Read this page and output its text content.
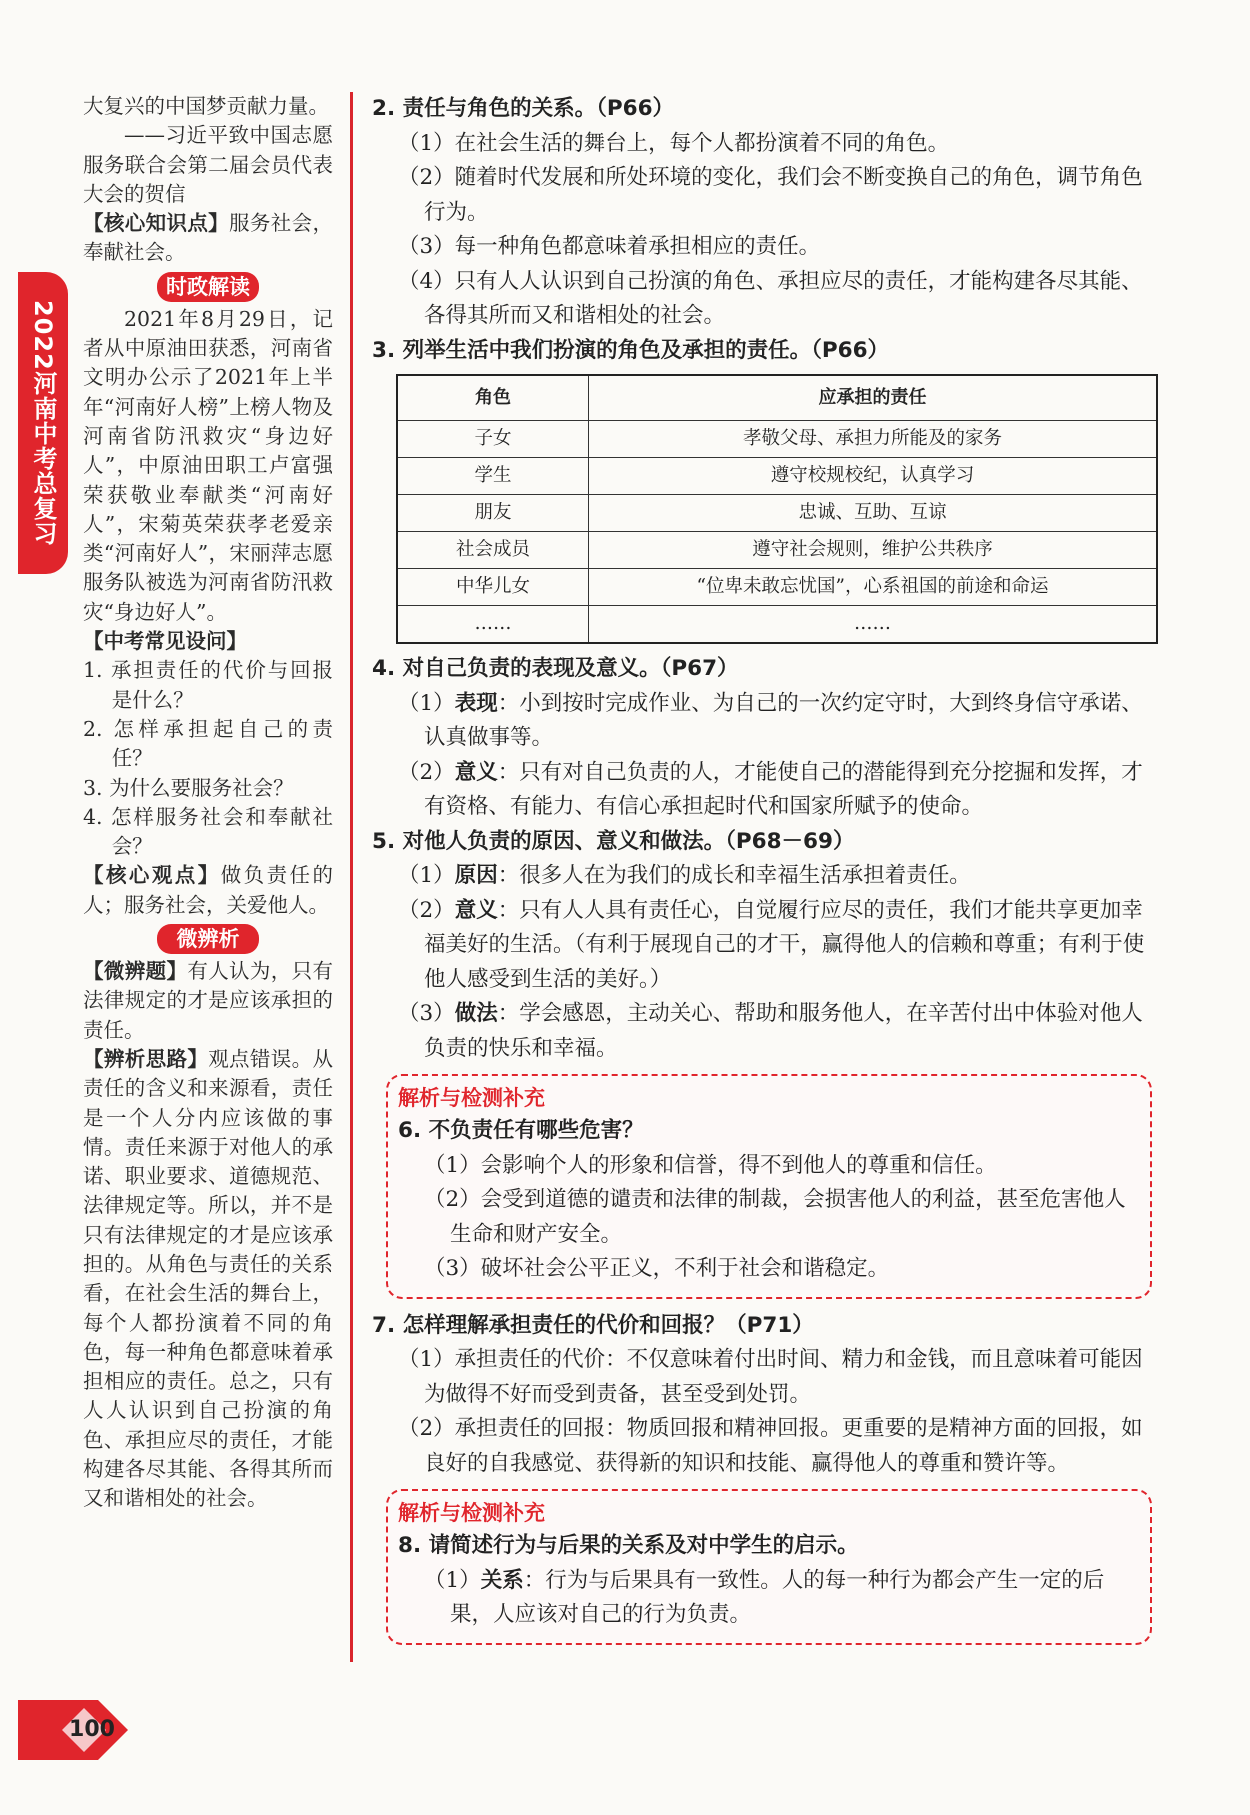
2022河南中考总复习

大复兴的中国梦贡献力量。

——习近平致中国志愿服务联合会第二届会员代表大会的贺信

【核心知识点】服务社会，奉献社会。

时政解读

2021年8月29日，记者从中原油田获悉，河南省文明办公示了2021年上半年“河南好人榜”上榜人物及河南省防汛救灾“身边好人”，中原油田职工卢富强荣获敬业奉献类“河南好人”，宋菊英荣获孝老爱亲类“河南好人”，宋丽萍志愿服务队被选为河南省防汛救灾“身边好人”。

【中考常见设问】

1. 承担责任的代价与回报是什么？

2. 怎样承担起自己的责任？

3. 为什么要服务社会？

4. 怎样服务社会和奉献社会？

【核心观点】做负责任的人；服务社会，关爱他人。

微辨析

【微辨题】有人认为，只有法律规定的才是应该承担的责任。

【辨析思路】观点错误。从责任的含义和来源看，责任是一个人分内应该做的事情。责任来源于对他人的承诺、职业要求、道德规范、法律规定等。所以，并不是只有法律规定的才是应该承担的。从角色与责任的关系看，在社会生活的舞台上，每个人都扮演着不同的角色，每一种角色都意味着承担相应的责任。总之，只有人人认识到自己扮演的角色、承担应尽的责任，才能构建各尽其能、各得其所而又和谐相处的社会。

2. 责任与角色的关系。（P66）

（1）在社会生活的舞台上，每个人都扮演着不同的角色。

（2）随着时代发展和所处环境的变化，我们会不断变换自己的角色，调节角色行为。

（3）每一种角色都意味着承担相应的责任。

（4）只有人人认识到自己扮演的角色、承担应尽的责任，才能构建各尽其能、各得其所而又和谐相处的社会。

3. 列举生活中我们扮演的角色及承担的责任。（P66）

角色	应承担的责任
子女	孝敬父母、承担力所能及的家务
学生	遵守校规校纪，认真学习
朋友	忠诚、互助、互谅
社会成员	遵守社会规则，维护公共秩序
中华儿女	“位卑未敢忘忧国”，心系祖国的前途和命运
……	……

4. 对自己负责的表现及意义。（P67）

（1）表现：小到按时完成作业、为自己的一次约定守时，大到终身信守承诺、认真做事等。

（2）意义：只有对自己负责的人，才能使自己的潜能得到充分挖掘和发挥，才有资格、有能力、有信心承担起时代和国家所赋予的使命。

5. 对他人负责的原因、意义和做法。（P68－69）

（1）原因：很多人在为我们的成长和幸福生活承担着责任。

（2）意义：只有人人具有责任心，自觉履行应尽的责任，我们才能共享更加幸福美好的生活。（有利于展现自己的才干，赢得他人的信赖和尊重；有利于使他人感受到生活的美好。）

（3）做法：学会感恩，主动关心、帮助和服务他人，在辛苦付出中体验对他人负责的快乐和幸福。

解析与检测补充

6. 不负责任有哪些危害？

（1）会影响个人的形象和信誉，得不到他人的尊重和信任。

（2）会受到道德的谴责和法律的制裁，会损害他人的利益，甚至危害他人生命和财产安全。

（3）破坏社会公平正义，不利于社会和谐稳定。

7. 怎样理解承担责任的代价和回报？（P71）

（1）承担责任的代价：不仅意味着付出时间、精力和金钱，而且意味着可能因为做得不好而受到责备，甚至受到处罚。

（2）承担责任的回报：物质回报和精神回报。更重要的是精神方面的回报，如良好的自我感觉、获得新的知识和技能、赢得他人的尊重和赞许等。

解析与检测补充

8. 请简述行为与后果的关系及对中学生的启示。

（1）关系：行为与后果具有一致性。人的每一种行为都会产生一定的后果，人应该对自己的行为负责。

100
